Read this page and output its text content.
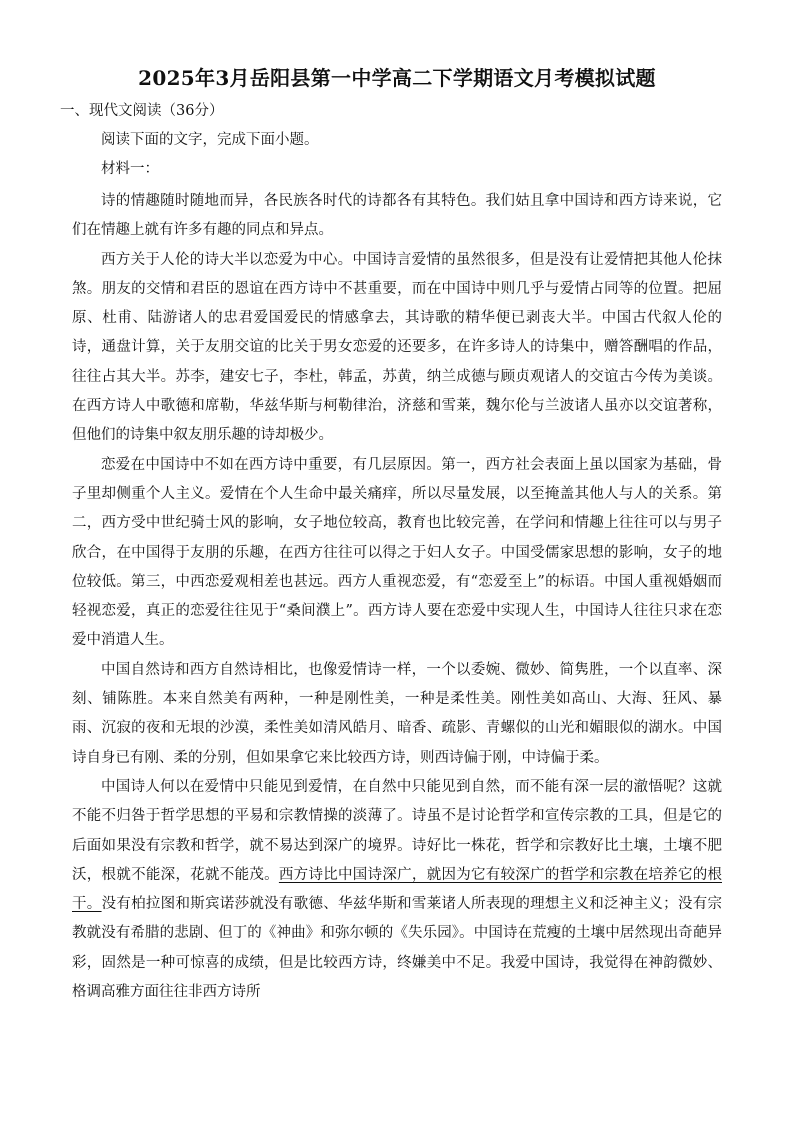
2025年3月岳阳县第一中学高二下学期语文月考模拟试题
一、现代文阅读（36分）
阅读下面的文字，完成下面小题。
材料一：

诗的情趣随时随地而异，各民族各时代的诗都各有其特色。我们姑且拿中国诗和西方诗来说，它们在情趣上就有许多有趣的同点和异点。

西方关于人伦的诗大半以恋爱为中心。中国诗言爱情的虽然很多，但是没有让爱情把其他人伦抹煞。朋友的交情和君臣的恩谊在西方诗中不甚重要，而在中国诗中则几乎与爱情占同等的位置。把屈原、杜甫、陆游诸人的忠君爱国爱民的情感拿去，其诗歌的精华便已剥丧大半。中国古代叙人伦的诗，通盘计算，关于友朋交谊的比关于男女恋爱的还要多，在许多诗人的诗集中，赠答酬唱的作品，往往占其大半。苏李，建安七子，李杜，韩孟，苏黄，纳兰成德与顾贞观诸人的交谊古今传为美谈。在西方诗人中歌德和席勒，华兹华斯与柯勒律治，济慈和雪莱，魏尔伦与兰波诸人虽亦以交谊著称，但他们的诗集中叙友朋乐趣的诗却极少。

恋爱在中国诗中不如在西方诗中重要，有几层原因。第一，西方社会表面上虽以国家为基础，骨子里却侧重个人主义。爱情在个人生命中最关痛痒，所以尽量发展，以至掩盖其他人与人的关系。第二，西方受中世纪骑士风的影响，女子地位较高，教育也比较完善，在学问和情趣上往往可以与男子欣合，在中国得于友朋的乐趣，在西方往往可以得之于妇人女子。中国受儒家思想的影响，女子的地位较低。第三，中西恋爱观相差也甚远。西方人重视恋爱，有“恋爱至上”的标语。中国人重视婚姻而轻视恋爱，真正的恋爱往往见于“桑间濮上”。西方诗人要在恋爱中实现人生，中国诗人往往只求在恋爱中消遣人生。

中国自然诗和西方自然诗相比，也像爱情诗一样，一个以委婉、微妙、简隽胜，一个以直率、深刻、铺陈胜。本来自然美有两种，一种是刚性美，一种是柔性美。刚性美如高山、大海、狂风、暴雨、沉寂的夜和无垠的沙漠，柔性美如清风皓月、暗香、疏影、青螺似的山光和媚眼似的湖水。中国诗自身已有刚、柔的分别，但如果拿它来比较西方诗，则西诗偏于刚，中诗偏于柔。

中国诗人何以在爱情中只能见到爱情，在自然中只能见到自然，而不能有深一层的澈悟呢？这就不能不归咎于哲学思想的平易和宗教情操的淡薄了。诗虽不是讨论哲学和宣传宗教的工具，但是它的后面如果没有宗教和哲学，就不易达到深广的境界。诗好比一株花，哲学和宗教好比土壤，土壤不肥沃，根就不能深，花就不能茂。西方诗比中国诗深广，就因为它有较深广的哲学和宗教在培养它的根干。没有柏拉图和斯宾诺莎就没有歌德、华兹华斯和雪莱诸人所表现的理想主义和泛神主义；没有宗教就没有希腊的悲剧、但丁的《神曲》和弥尔顿的《失乐园》。中国诗在荒瘦的土壤中居然现出奇葩异彩，固然是一种可惊喜的成绩，但是比较西方诗，终嫌美中不足。我爱中国诗，我觉得在神韵微妙、格调高雅方面往往非西方诗所
